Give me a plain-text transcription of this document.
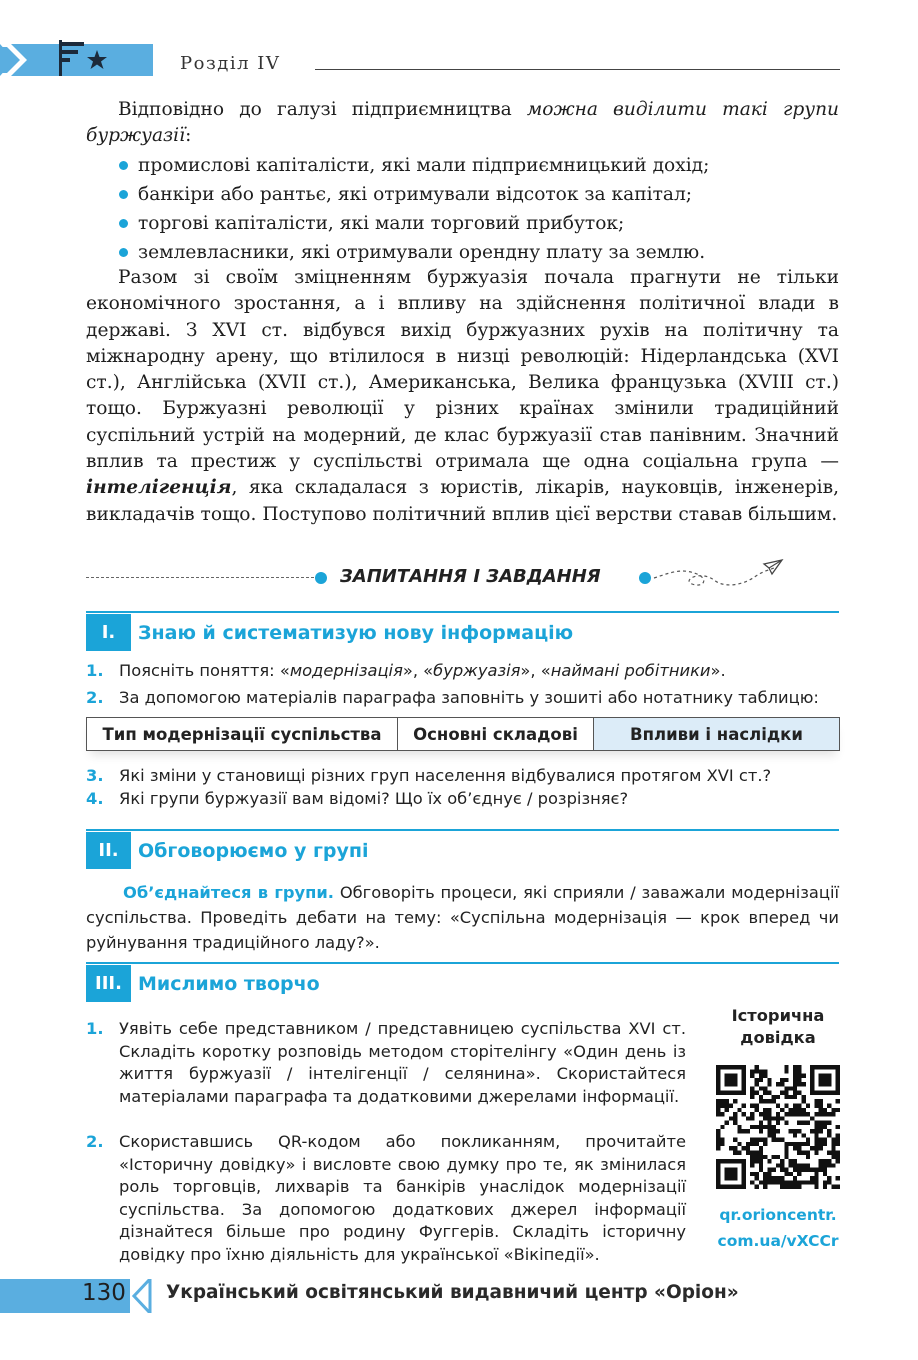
Розділ IV
Відповідно до галузі підприємництва можна виділити такі групи буржуазії:
промислові капіталісти, які мали підприємницький дохід;
банкіри або рантьє, які отримували відсоток за капітал;
торгові капіталісти, які мали торговий прибуток;
землевласники, які отримували орендну плату за землю.
Разом зі своїм зміцненням буржуазія почала прагнути не тільки економічного зростання, а і впливу на здійснення політичної влади в державі. З XVI ст. відбувся вихід буржуазних рухів на політичну та міжнародну арену, що втілилося в низці революцій: Нідерландська (XVI ст.), Англійська (XVII ст.), Американська, Велика французька (XVIII ст.) тощо. Буржуазні революції у різних країнах змінили традиційний суспільний устрій на модерний, де клас буржуазії став панівним. Значний вплив та престиж у суспільстві отримала ще одна соціальна група — інтелігенція, яка складалася з юристів, лікарів, науковців, інженерів, викладачів тощо. Поступово політичний вплив цієї верстви ставав більшим.
ЗАПИТАННЯ І ЗАВДАННЯ
I.	Знаю й систематизую нову інформацію
1. Поясніть поняття: «модернізація», «буржуазія», «наймані робітники».
2. За допомогою матеріалів параграфа заповніть у зошиті або нотатнику таблицю:
Тип модернізації суспільства	Основні складові	Впливи і наслідки
3. Які зміни у становищі різних груп населення відбувалися протягом XVI ст.?
4. Які групи буржуазії вам відомі? Що їх об’єднує / розрізняє?
II.	Обговорюємо у групі
Об’єднайтеся в групи. Обговоріть процеси, які сприяли / заважали модернізації суспільства. Проведіть дебати на тему: «Суспільна модернізація — крок вперед чи руйнування традиційного ладу?».
III. Мислимо творчо
1. Уявіть себе представником / представницею суспільства XVI ст. Складіть коротку розповідь методом сторітелінгу «Один день із життя буржуазії / інтелігенції / селянина». Скористайтеся матеріалами параграфа та додатковими джерелами інформації.
2. Скориставшись QR-кодом або покликанням, прочитайте «Історичну довідку» і висловте свою думку про те, як змінилася роль торговців, лихварів та банкірів унаслідок модернізації суспільства. За допомогою додаткових джерел інформації дізнайтеся більше про родину Фуггерів. Складіть історичну довідку про їхню діяльність для української «Вікіпедії».
Історична
довідка
qr.orioncentr.
com.ua/vXCCr
130 Український освітянський видавничий центр «Оріон»
